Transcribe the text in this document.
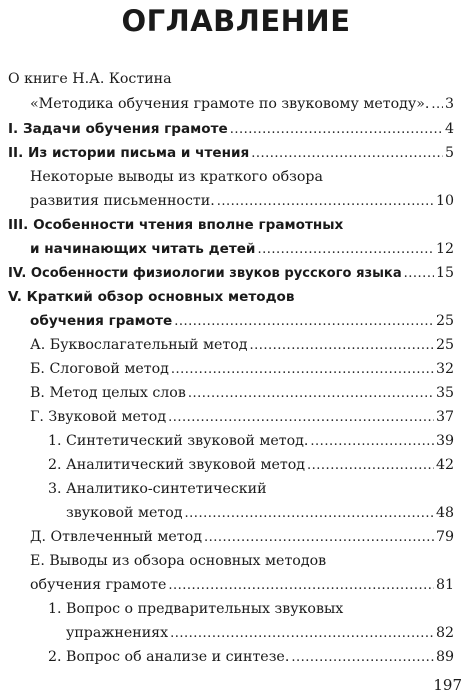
ОГЛАВЛЕНИЕ
О книге Н.А. Костина
«Методика обучения грамоте по звуковому методу». ..... 3
I. Задачи обучения грамоте .....	4
II. Из истории письма и чтения .....	5
Некоторые выводы из краткого обзора
развития письменности. .....	10
III. Особенности чтения вполне грамотных
и начинающих читать детей .....	12
IV. Особенности физиологии звуков русского языка ..... 15
V. Краткий обзор основных методов
обучения грамоте .....	25
А. Буквослагательный метод .....	25
Б. Слоговой метод .....	32
В. Метод целых слов .....	35
Г. Звуковой метод .....	37
1. Синтетический звуковой метод. .....	39
2. Аналитический звуковой метод .....	42
3. Аналитико-синтетический
звуковой метод .....	48
Д. Отвлеченный метод .....	79
Е. Выводы из обзора основных методов
обучения грамоте .....	81
1. Вопрос о предварительных звуковых
упражнениях .....	82
2. Вопрос об анализе и синтезе. .....	89
197
